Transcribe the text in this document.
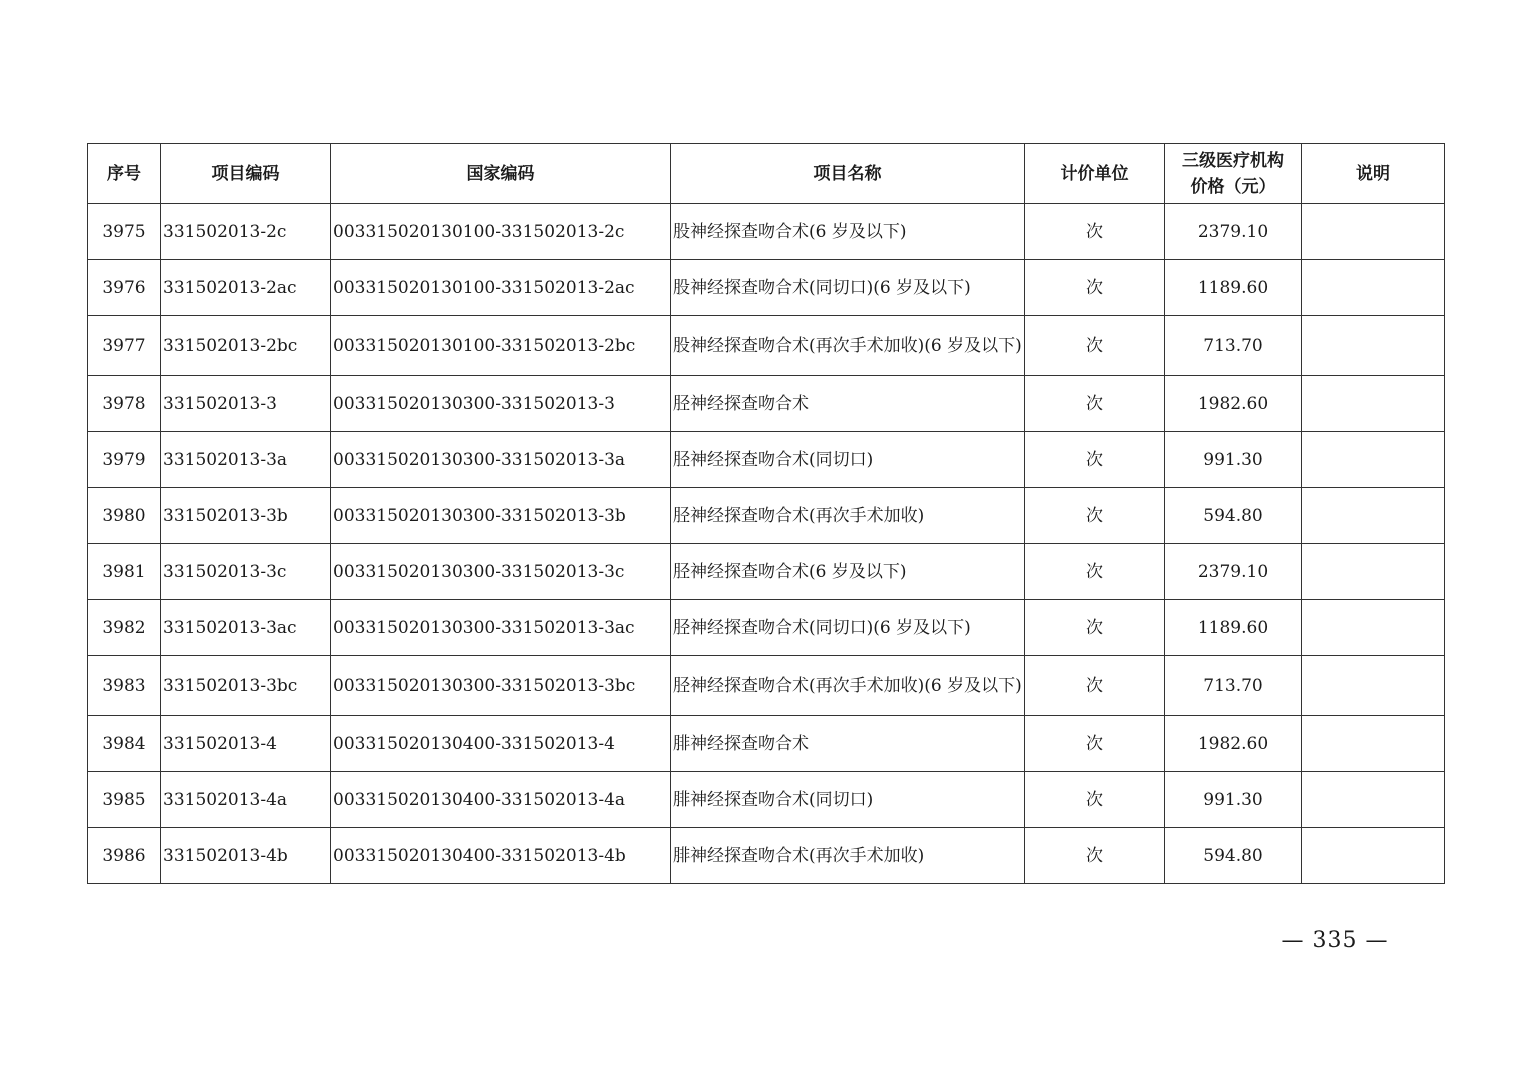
序号	项目编码	国家编码	项目名称	计价单位	三级医疗机构
价格（元）	说明
3975	331502013-2c	003315020130100-331502013-2c	股神经探查吻合术(6 岁及以下)	次	2379.10	
3976	331502013-2ac	003315020130100-331502013-2ac	股神经探查吻合术(同切口)(6 岁及以下)	次	1189.60	
3977	331502013-2bc	003315020130100-331502013-2bc	股神经探查吻合术(再次手术加收)(6 岁及以下)	次	713.70	
3978	331502013-3	003315020130300-331502013-3	胫神经探查吻合术	次	1982.60	
3979	331502013-3a	003315020130300-331502013-3a	胫神经探查吻合术(同切口)	次	991.30	
3980	331502013-3b	003315020130300-331502013-3b	胫神经探查吻合术(再次手术加收)	次	594.80	
3981	331502013-3c	003315020130300-331502013-3c	胫神经探查吻合术(6 岁及以下)	次	2379.10	
3982	331502013-3ac	003315020130300-331502013-3ac	胫神经探查吻合术(同切口)(6 岁及以下)	次	1189.60	
3983	331502013-3bc	003315020130300-331502013-3bc	胫神经探查吻合术(再次手术加收)(6 岁及以下)	次	713.70	
3984	331502013-4	003315020130400-331502013-4	腓神经探查吻合术	次	1982.60	
3985	331502013-4a	003315020130400-331502013-4a	腓神经探查吻合术(同切口)	次	991.30	
3986	331502013-4b	003315020130400-331502013-4b	腓神经探查吻合术(再次手术加收)	次	594.80	
— 335 —
